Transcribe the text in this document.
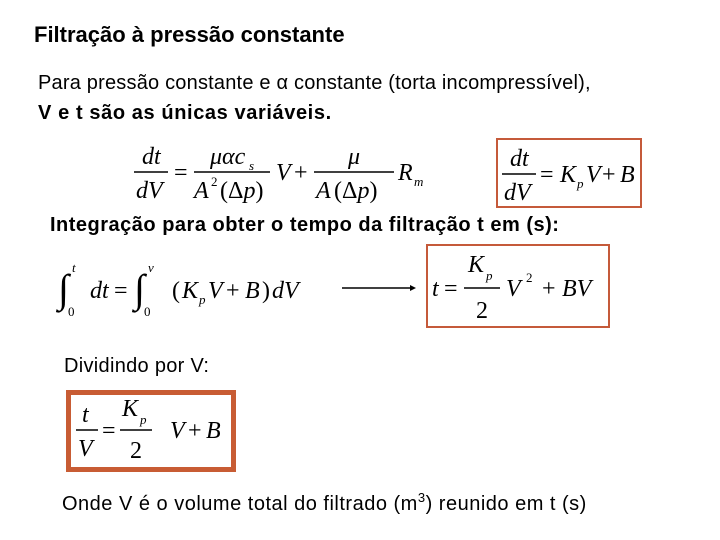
Filtração à pressão constante
Para pressão constante e α constante (torta incompressível),
V e t são as únicas variáveis.
dt
dV
=
μαc s
A 2 (Δp)
V +
μ
A (Δp)
R m
dt
dV
= K p V + B
Integração para obter o tempo da filtração t em (s):
∫ t
0
dt = ∫ v
0
( K p V + B ) dV	t =
K p
2
V 2 + BV
Dividindo por V:
t
V
=
K p
2
V + B
Onde V é o volume total do filtrado $(m^3)$ reunido em t (s)
